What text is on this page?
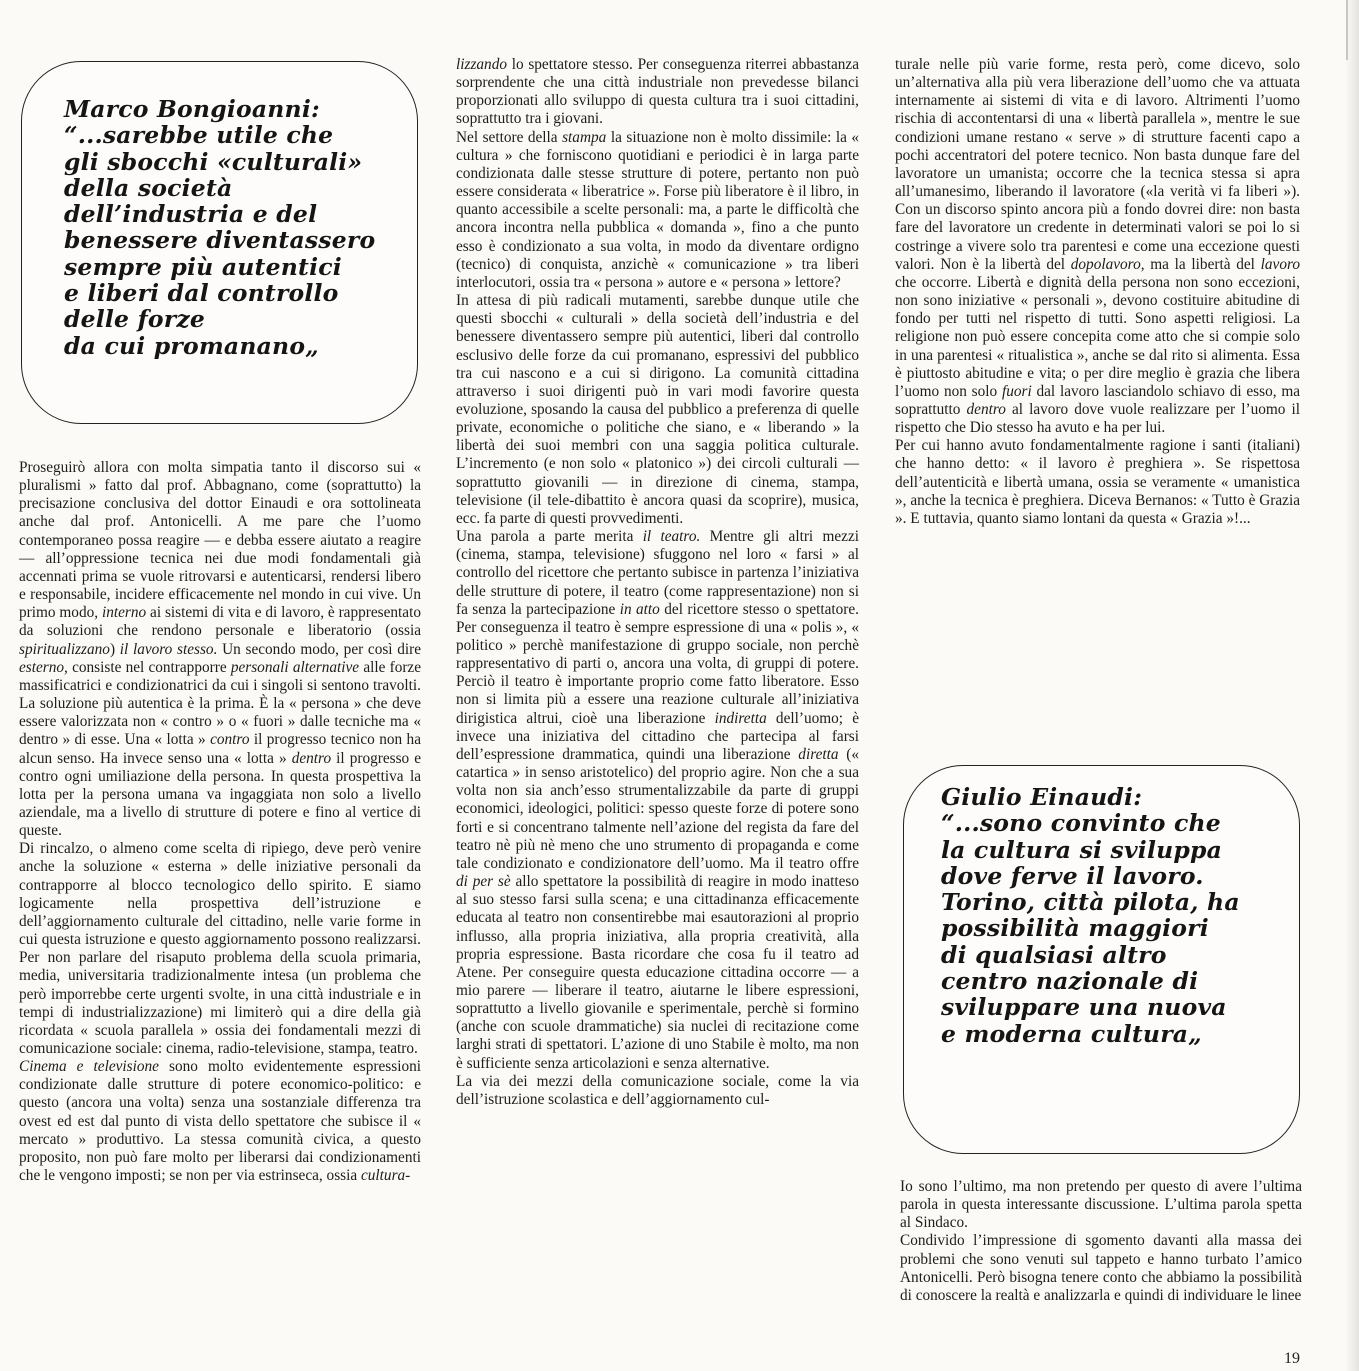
Marco Bongioanni:
“...sarebbe utile che
gli sbocchi «culturali»
della società
dell’industria e del
benessere diventassero
sempre più autentici
e liberi dal controllo
delle forze
da cui promanano„

Proseguirò allora con molta simpatia tanto il discorso sui « pluralismi » fatto dal prof. Abbagnano, come (soprattutto) la precisazione conclusiva del dottor Einaudi e ora sottolineata anche dal prof. Antonicelli. A me pare che l’uomo contemporaneo possa reagire — e debba essere aiutato a reagire — all’oppressione tecnica nei due modi fondamentali già accennati prima se vuole ritrovarsi e autenticarsi, rendersi libero e responsabile, incidere efficacemente nel mondo in cui vive. Un primo modo, interno ai sistemi di vita e di lavoro, è rappresentato da soluzioni che rendono personale e liberatorio (ossia spiritualizzano) il lavoro stesso. Un secondo modo, per così dire esterno, consiste nel contrapporre personali alternative alle forze massificatrici e condizionatrici da cui i singoli si sentono travolti. La soluzione più autentica è la prima. È la « persona » che deve essere valorizzata non « contro » o « fuori » dalle tecniche ma « dentro » di esse. Una « lotta » contro il progresso tecnico non ha alcun senso. Ha invece senso una « lotta » dentro il progresso e contro ogni umiliazione della persona. In questa prospettiva la lotta per la persona umana va ingaggiata non solo a livello aziendale, ma a livello di strutture di potere e fino al vertice di queste.

Di rincalzo, o almeno come scelta di ripiego, deve però venire anche la soluzione « esterna » delle iniziative personali da contrapporre al blocco tecnologico dello spirito. E siamo logicamente nella prospettiva dell’istruzione e dell’aggiornamento culturale del cittadino, nelle varie forme in cui questa istruzione e questo aggiornamento possono realizzarsi. Per non parlare del risaputo problema della scuola primaria, media, universitaria tradizionalmente intesa (un problema che però imporrebbe certe urgenti svolte, in una città industriale e in tempi di industrializzazione) mi limiterò qui a dire della già ricordata « scuola parallela » ossia dei fondamentali mezzi di comunicazione sociale: cinema, radio-televisione, stampa, teatro.

Cinema e televisione sono molto evidentemente espressioni condizionate dalle strutture di potere economico-politico: e questo (ancora una volta) senza una sostanziale differenza tra ovest ed est dal punto di vista dello spettatore che subisce il « mercato » produttivo. La stessa comunità civica, a questo proposito, non può fare molto per liberarsi dai condizionamenti che le vengono imposti; se non per via estrinseca, ossia cultura-

lizzando lo spettatore stesso. Per conseguenza riterrei abbastanza sorprendente che una città industriale non prevedesse bilanci proporzionati allo sviluppo di questa cultura tra i suoi cittadini, soprattutto tra i giovani.

Nel settore della stampa la situazione non è molto dissimile: la « cultura » che forniscono quotidiani e periodici è in larga parte condizionata dalle stesse strutture di potere, pertanto non può essere considerata « liberatrice ». Forse più liberatore è il libro, in quanto accessibile a scelte personali: ma, a parte le difficoltà che ancora incontra nella pubblica « domanda », fino a che punto esso è condizionato a sua volta, in modo da diventare ordigno (tecnico) di conquista, anzichè « comunicazione » tra liberi interlocutori, ossia tra « persona » autore e « persona » lettore?

In attesa di più radicali mutamenti, sarebbe dunque utile che questi sbocchi « culturali » della società dell’industria e del benessere diventassero sempre più autentici, liberi dal controllo esclusivo delle forze da cui promanano, espressivi del pubblico tra cui nascono e a cui si dirigono. La comunità cittadina attraverso i suoi dirigenti può in vari modi favorire questa evoluzione, sposando la causa del pubblico a preferenza di quelle private, economiche o politiche che siano, e « liberando » la libertà dei suoi membri con una saggia politica culturale. L’incremento (e non solo « platonico ») dei circoli culturali — soprattutto giovanili — in direzione di cinema, stampa, televisione (il tele-dibattito è ancora quasi da scoprire), musica, ecc. fa parte di questi provvedimenti.

Una parola a parte merita il teatro. Mentre gli altri mezzi (cinema, stampa, televisione) sfuggono nel loro « farsi » al controllo del ricettore che pertanto subisce in partenza l’iniziativa delle strutture di potere, il teatro (come rappresentazione) non si fa senza la partecipazione in atto del ricettore stesso o spettatore. Per conseguenza il teatro è sempre espressione di una « polis », « politico » perchè manifestazione di gruppo sociale, non perchè rappresentativo di parti o, ancora una volta, di gruppi di potere. Perciò il teatro è importante proprio come fatto liberatore. Esso non si limita più a essere una reazione culturale all’iniziativa dirigistica altrui, cioè una liberazione indiretta dell’uomo; è invece una iniziativa del cittadino che partecipa al farsi dell’espressione drammatica, quindi una liberazione diretta (« catartica » in senso aristotelico) del proprio agire. Non che a sua volta non sia anch’esso strumentalizzabile da parte di gruppi economici, ideologici, politici: spesso queste forze di potere sono forti e si concentrano talmente nell’azione del regista da fare del teatro nè più nè meno che uno strumento di propaganda e come tale condizionato e condizionatore dell’uomo. Ma il teatro offre di per sè allo spettatore la possibilità di reagire in modo inatteso al suo stesso farsi sulla scena; e una cittadinanza efficacemente educata al teatro non consentirebbe mai esautorazioni al proprio influsso, alla propria iniziativa, alla propria creatività, alla propria espressione. Basta ricordare che cosa fu il teatro ad Atene. Per conseguire questa educazione cittadina occorre — a mio parere — liberare il teatro, aiutarne le libere espressioni, soprattutto a livello giovanile e sperimentale, perchè si formino (anche con scuole drammatiche) sia nuclei di recitazione come larghi strati di spettatori. L’azione di uno Stabile è molto, ma non è sufficiente senza articolazioni e senza alternative.

La via dei mezzi della comunicazione sociale, come la via dell’istruzione scolastica e dell’aggiornamento cul-

turale nelle più varie forme, resta però, come dicevo, solo un’alternativa alla più vera liberazione dell’uomo che va attuata internamente ai sistemi di vita e di lavoro. Altrimenti l’uomo rischia di accontentarsi di una « libertà parallela », mentre le sue condizioni umane restano « serve » di strutture facenti capo a pochi accentratori del potere tecnico. Non basta dunque fare del lavoratore un umanista; occorre che la tecnica stessa si apra all’umanesimo, liberando il lavoratore («la verità vi fa liberi »). Con un discorso spinto ancora più a fondo dovrei dire: non basta fare del lavoratore un credente in determinati valori se poi lo si costringe a vivere solo tra parentesi e come una eccezione questi valori. Non è la libertà del dopolavoro, ma la libertà del lavoro che occorre. Libertà e dignità della persona non sono eccezioni, non sono iniziative « personali », devono costituire abitudine di fondo per tutti nel rispetto di tutti. Sono aspetti religiosi. La religione non può essere concepita come atto che si compie solo in una parentesi « ritualistica », anche se dal rito si alimenta. Essa è piuttosto abitudine e vita; o per dire meglio è grazia che libera l’uomo non solo fuori dal lavoro lasciandolo schiavo di esso, ma soprattutto dentro al lavoro dove vuole realizzare per l’uomo il rispetto che Dio stesso ha avuto e ha per lui.

Per cui hanno avuto fondamentalmente ragione i santi (italiani) che hanno detto: « il lavoro è preghiera ». Se rispettosa dell’autenticità e libertà umana, ossia se veramente « umanistica », anche la tecnica è preghiera. Diceva Bernanos: « Tutto è Grazia ». E tuttavia, quanto siamo lontani da questa « Grazia »!...

Giulio Einaudi:
“...sono convinto che
la cultura si sviluppa
dove ferve il lavoro.
Torino, città pilota, ha
possibilità maggiori
di qualsiasi altro
centro nazionale di
sviluppare una nuova
e moderna cultura„

Io sono l’ultimo, ma non pretendo per questo di avere l’ultima parola in questa interessante discussione. L’ultima parola spetta al Sindaco.

Condivido l’impressione di sgomento davanti alla massa dei problemi che sono venuti sul tappeto e hanno turbato l’amico Antonicelli. Però bisogna tenere conto che abbiamo la possibilità di conoscere la realtà e analizzarla e quindi di individuare le linee

19
